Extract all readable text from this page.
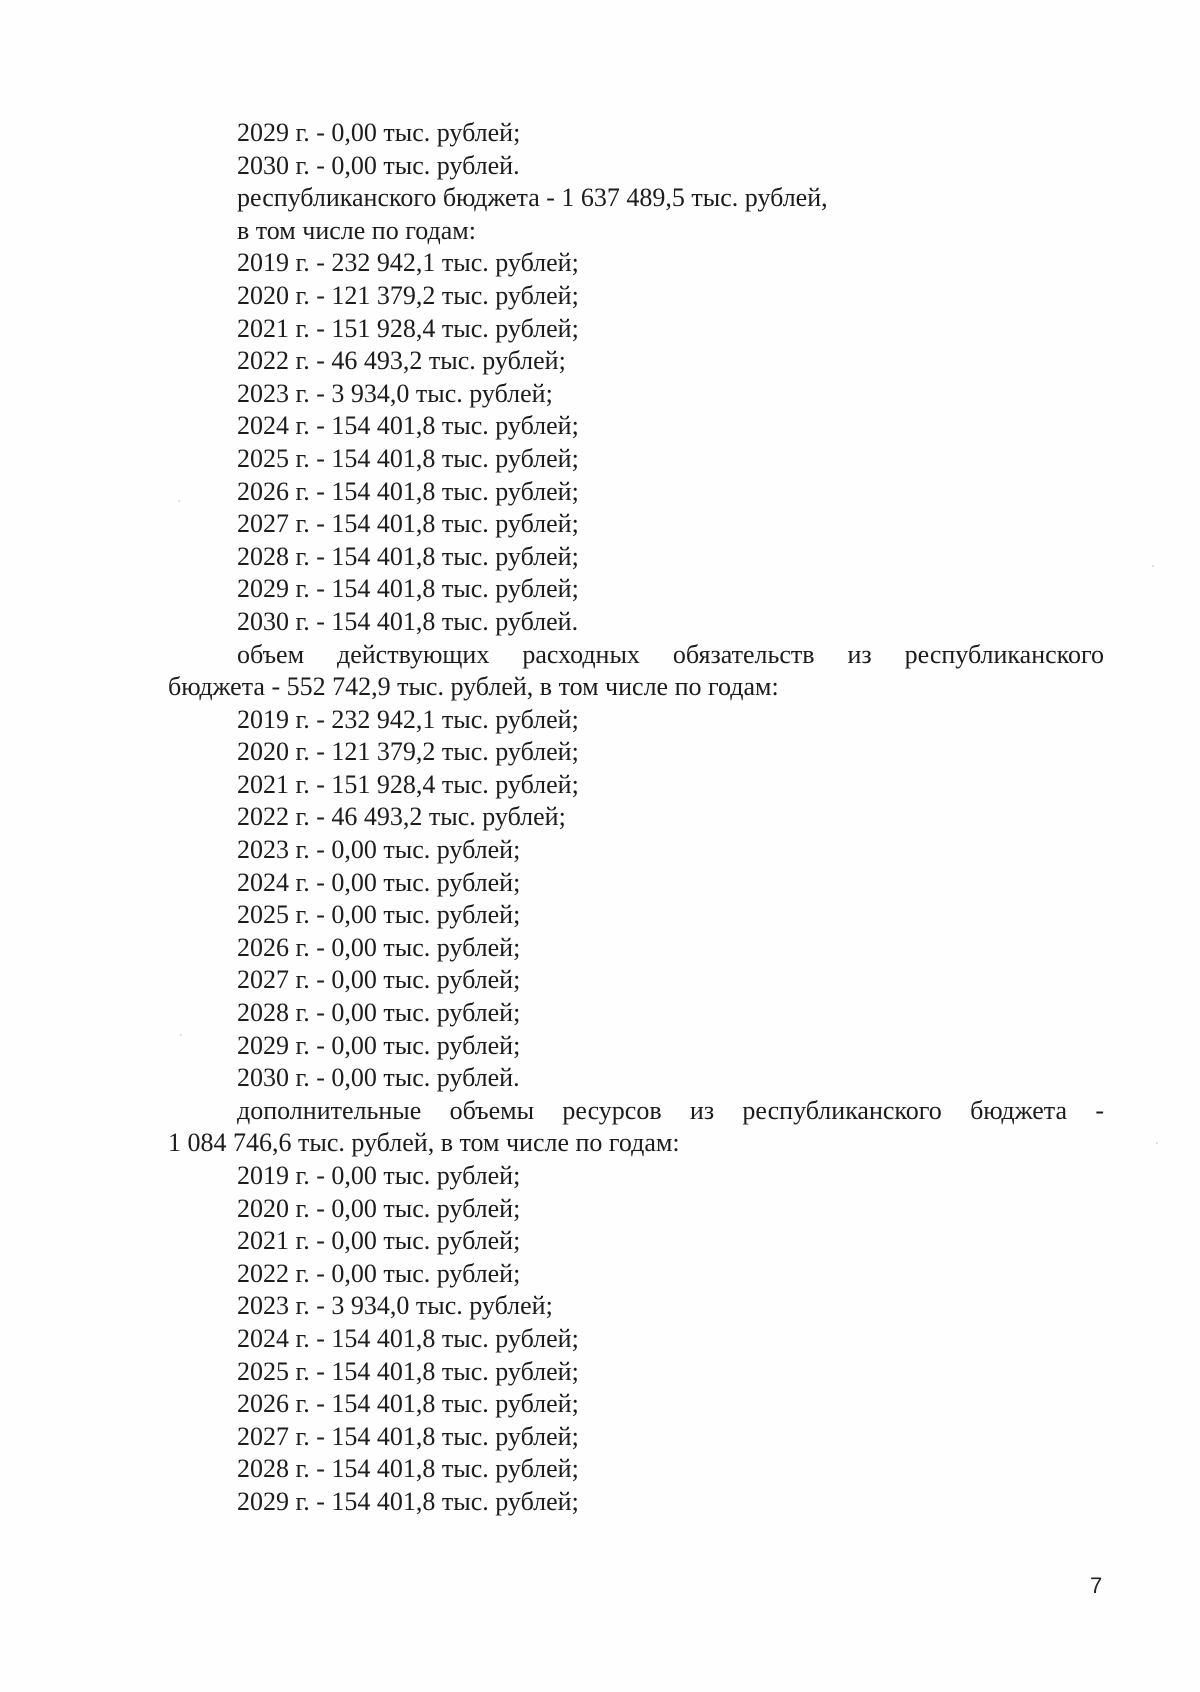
2029 г. - 0,00 тыс. рублей;
2030 г. - 0,00 тыс. рублей.
республиканского бюджета - 1 637 489,5 тыс. рублей,
в том числе по годам:
2019 г. - 232 942,1 тыс. рублей;
2020 г. - 121 379,2 тыс. рублей;
2021 г. - 151 928,4 тыс. рублей;
2022 г. - 46 493,2 тыс. рублей;
2023 г. - 3 934,0 тыс. рублей;
2024 г. - 154 401,8 тыс. рублей;
2025 г. - 154 401,8 тыс. рублей;
2026 г. - 154 401,8 тыс. рублей;
2027 г. - 154 401,8 тыс. рублей;
2028 г. - 154 401,8 тыс. рублей;
2029 г. - 154 401,8 тыс. рублей;
2030 г. - 154 401,8 тыс. рублей.
объем действующих расходных обязательств из республиканского
бюджета - 552 742,9 тыс. рублей, в том числе по годам:
2019 г. - 232 942,1 тыс. рублей;
2020 г. - 121 379,2 тыс. рублей;
2021 г. - 151 928,4 тыс. рублей;
2022 г. - 46 493,2 тыс. рублей;
2023 г. - 0,00 тыс. рублей;
2024 г. - 0,00 тыс. рублей;
2025 г. - 0,00 тыс. рублей;
2026 г. - 0,00 тыс. рублей;
2027 г. - 0,00 тыс. рублей;
2028 г. - 0,00 тыс. рублей;
2029 г. - 0,00 тыс. рублей;
2030 г. - 0,00 тыс. рублей.
дополнительные объемы ресурсов из республиканского бюджета -
1 084 746,6 тыс. рублей, в том числе по годам:
2019 г. - 0,00 тыс. рублей;
2020 г. - 0,00 тыс. рублей;
2021 г. - 0,00 тыс. рублей;
2022 г. - 0,00 тыс. рублей;
2023 г. - 3 934,0 тыс. рублей;
2024 г. - 154 401,8 тыс. рублей;
2025 г. - 154 401,8 тыс. рублей;
2026 г. - 154 401,8 тыс. рублей;
2027 г. - 154 401,8 тыс. рублей;
2028 г. - 154 401,8 тыс. рублей;
2029 г. - 154 401,8 тыс. рублей;
7
